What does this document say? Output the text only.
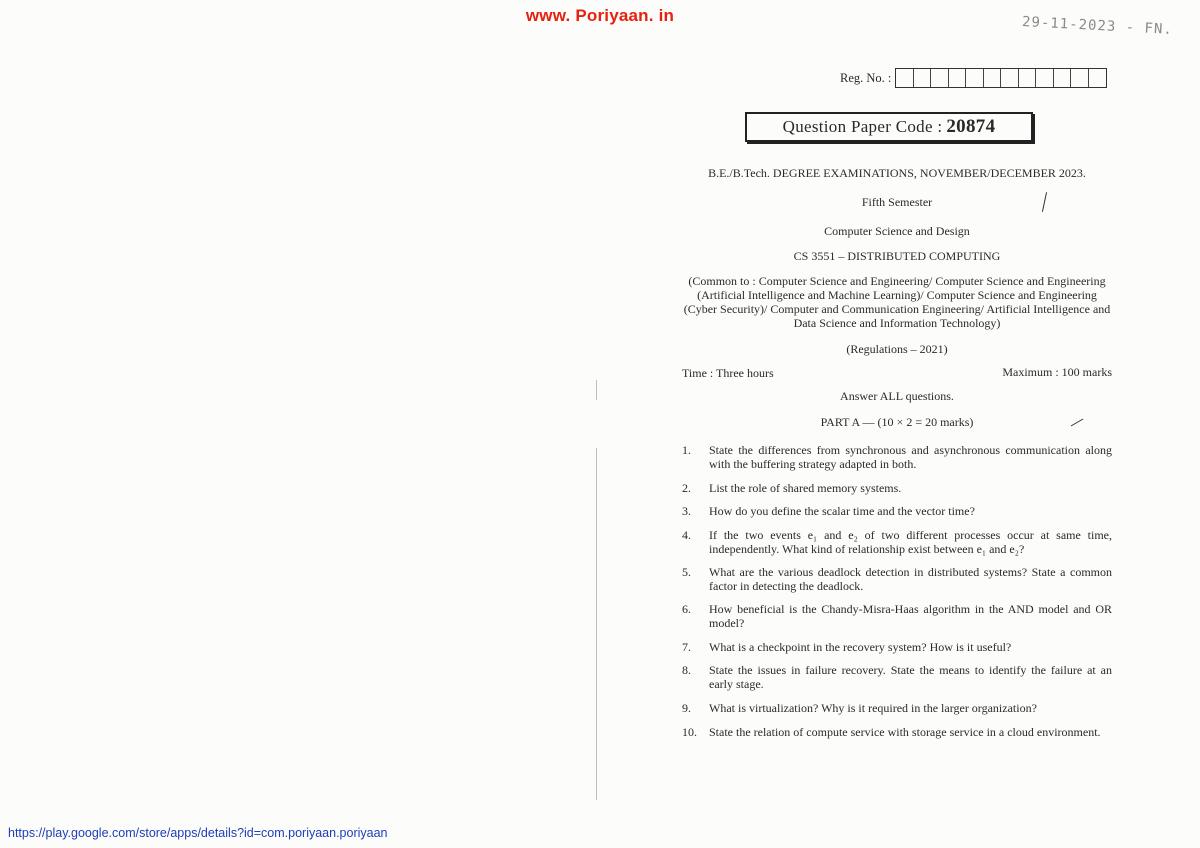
www. Poriyaan. in	29-11-2023 - FN.
Reg. No. :
Question Paper Code : 20874
B.E./B.Tech. DEGREE EXAMINATIONS, NOVEMBER/DECEMBER 2023.
Fifth Semester
Computer Science and Design
CS 3551 – DISTRIBUTED COMPUTING
(Common to : Computer Science and Engineering/ Computer Science and Engineering (Artificial Intelligence and Machine Learning)/ Computer Science and Engineering (Cyber Security)/ Computer and Communication Engineering/ Artificial Intelligence and Data Science and Information Technology)
(Regulations – 2021)
Time : Three hours	Maximum : 100 marks
Answer ALL questions.
PART A — (10 × 2 = 20 marks)
1.	State the differences from synchronous and asynchronous communication along with the buffering strategy adapted in both.
2.	List the role of shared memory systems.
3.	How do you define the scalar time and the vector time?
4.	If the two events e₁ and e₂ of two different processes occur at same time, independently. What kind of relationship exist between e₁ and e₂?
5.	What are the various deadlock detection in distributed systems? State a common factor in detecting the deadlock.
6.	How beneficial is the Chandy-Misra-Haas algorithm in the AND model and OR model?
7.	What is a checkpoint in the recovery system? How is it useful?
8.	State the issues in failure recovery. State the means to identify the failure at an early stage.
9.	What is virtualization? Why is it required in the larger organization?
10.	State the relation of compute service with storage service in a cloud environment.
https://play.google.com/store/apps/details?id=com.poriyaan.poriyaan
